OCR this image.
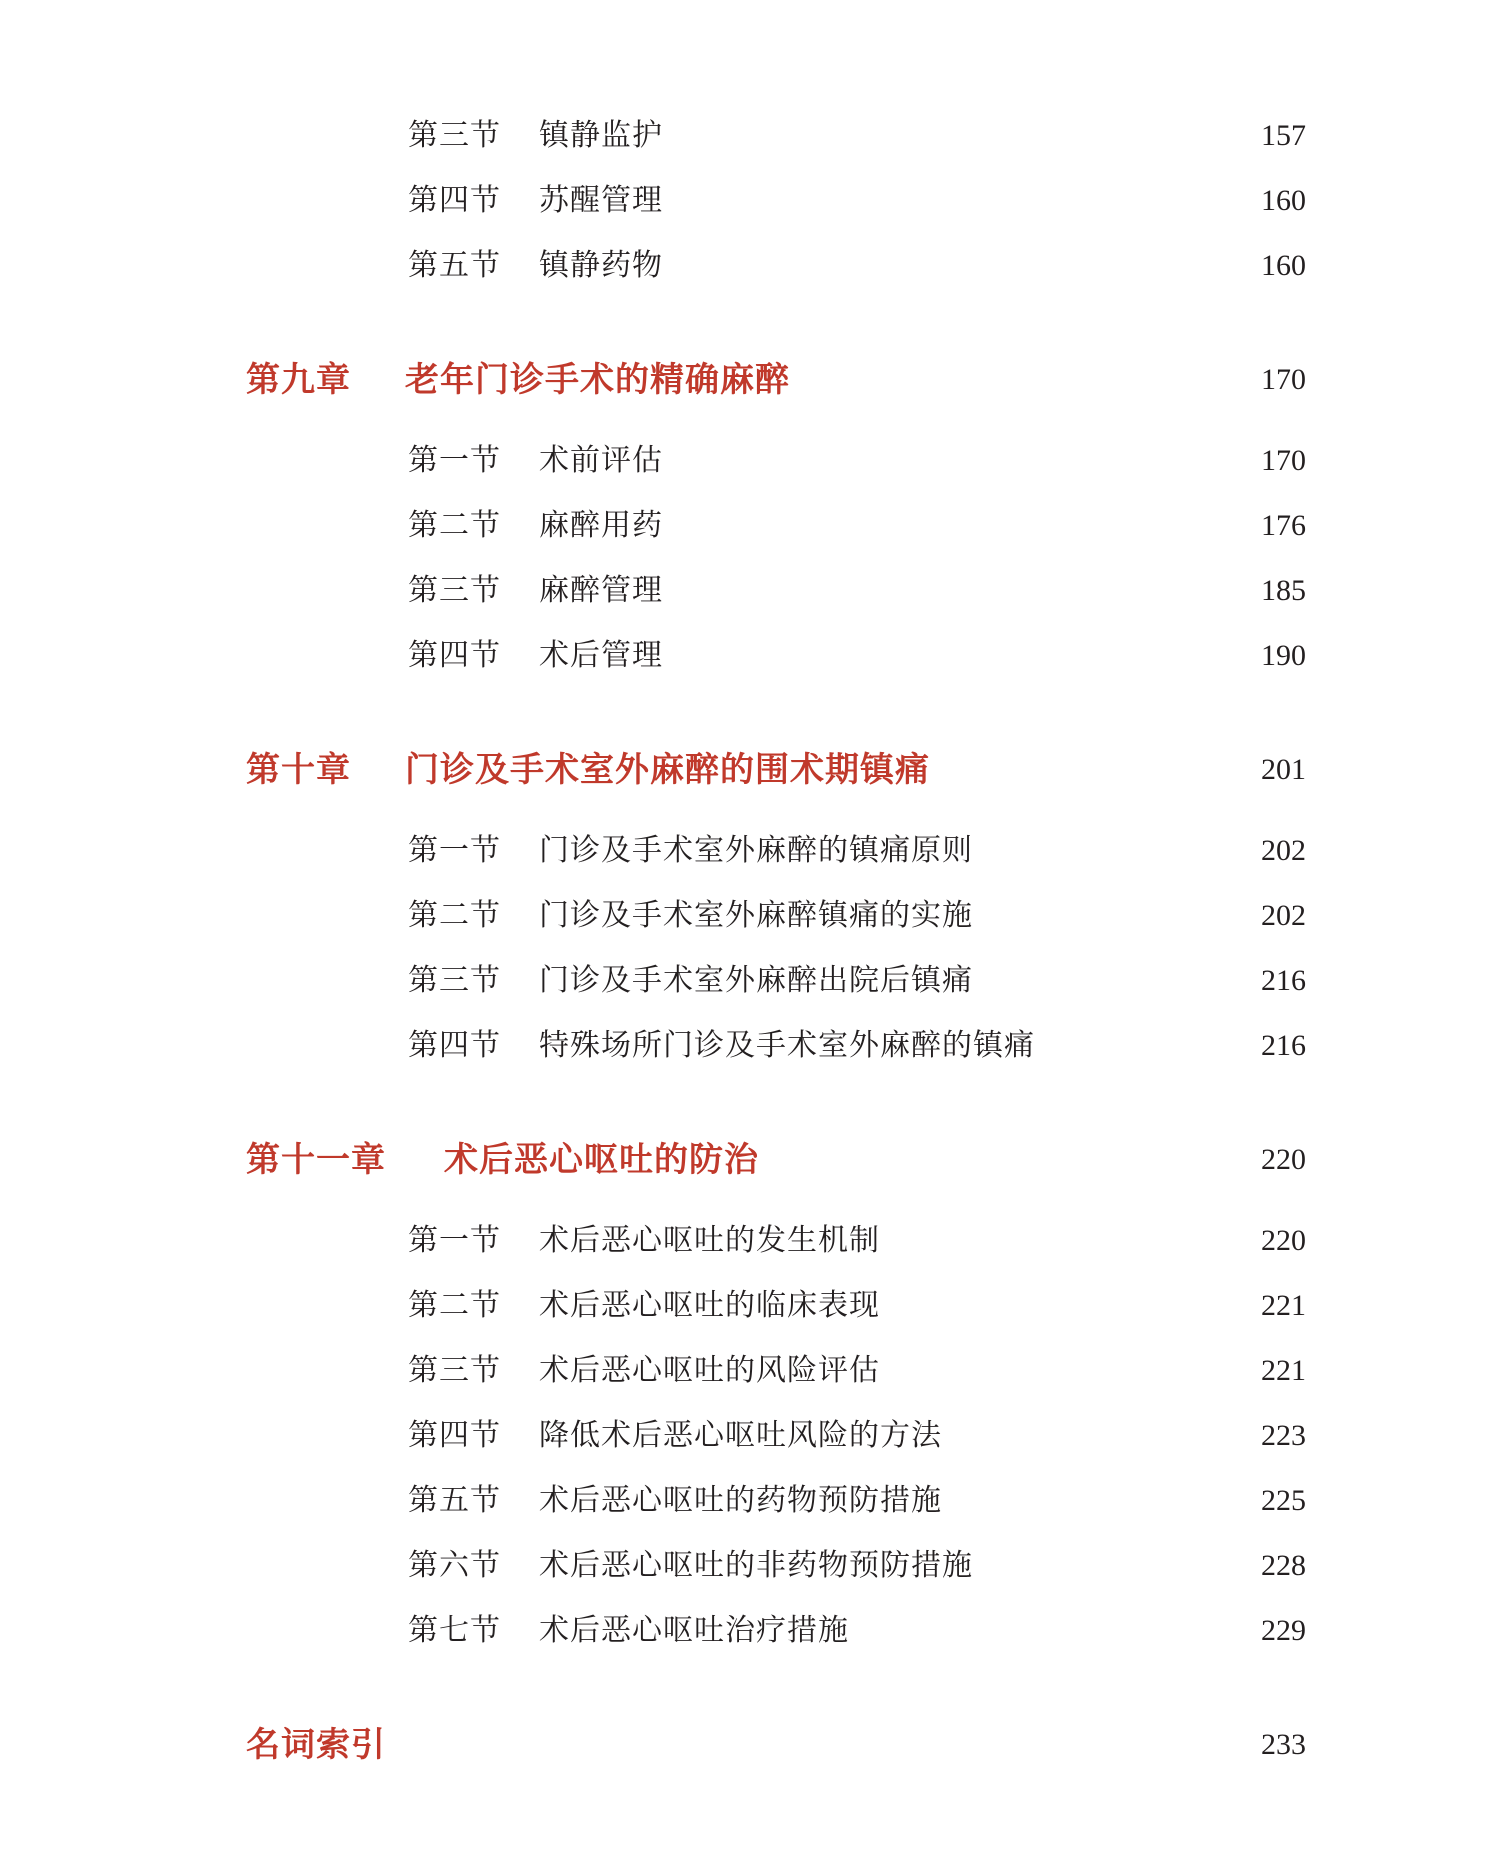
第三节 镇静监护	157
第四节 苏醒管理	160
第五节 镇静药物	160
第九章 老年门诊手术的精确麻醉	170
第一节 术前评估	170
第二节 麻醉用药	176
第三节 麻醉管理	185
第四节 术后管理	190
第十章 门诊及手术室外麻醉的围术期镇痛	201
第一节 门诊及手术室外麻醉的镇痛原则	202
第二节 门诊及手术室外麻醉镇痛的实施	202
第三节 门诊及手术室外麻醉出院后镇痛	216
第四节 特殊场所门诊及手术室外麻醉的镇痛	216
第十一章 术后恶心呕吐的防治	220
第一节 术后恶心呕吐的发生机制	220
第二节 术后恶心呕吐的临床表现	221
第三节 术后恶心呕吐的风险评估	221
第四节 降低术后恶心呕吐风险的方法	223
第五节 术后恶心呕吐的药物预防措施	225
第六节 术后恶心呕吐的非药物预防措施	228
第七节 术后恶心呕吐治疗措施	229
名词索引	233
